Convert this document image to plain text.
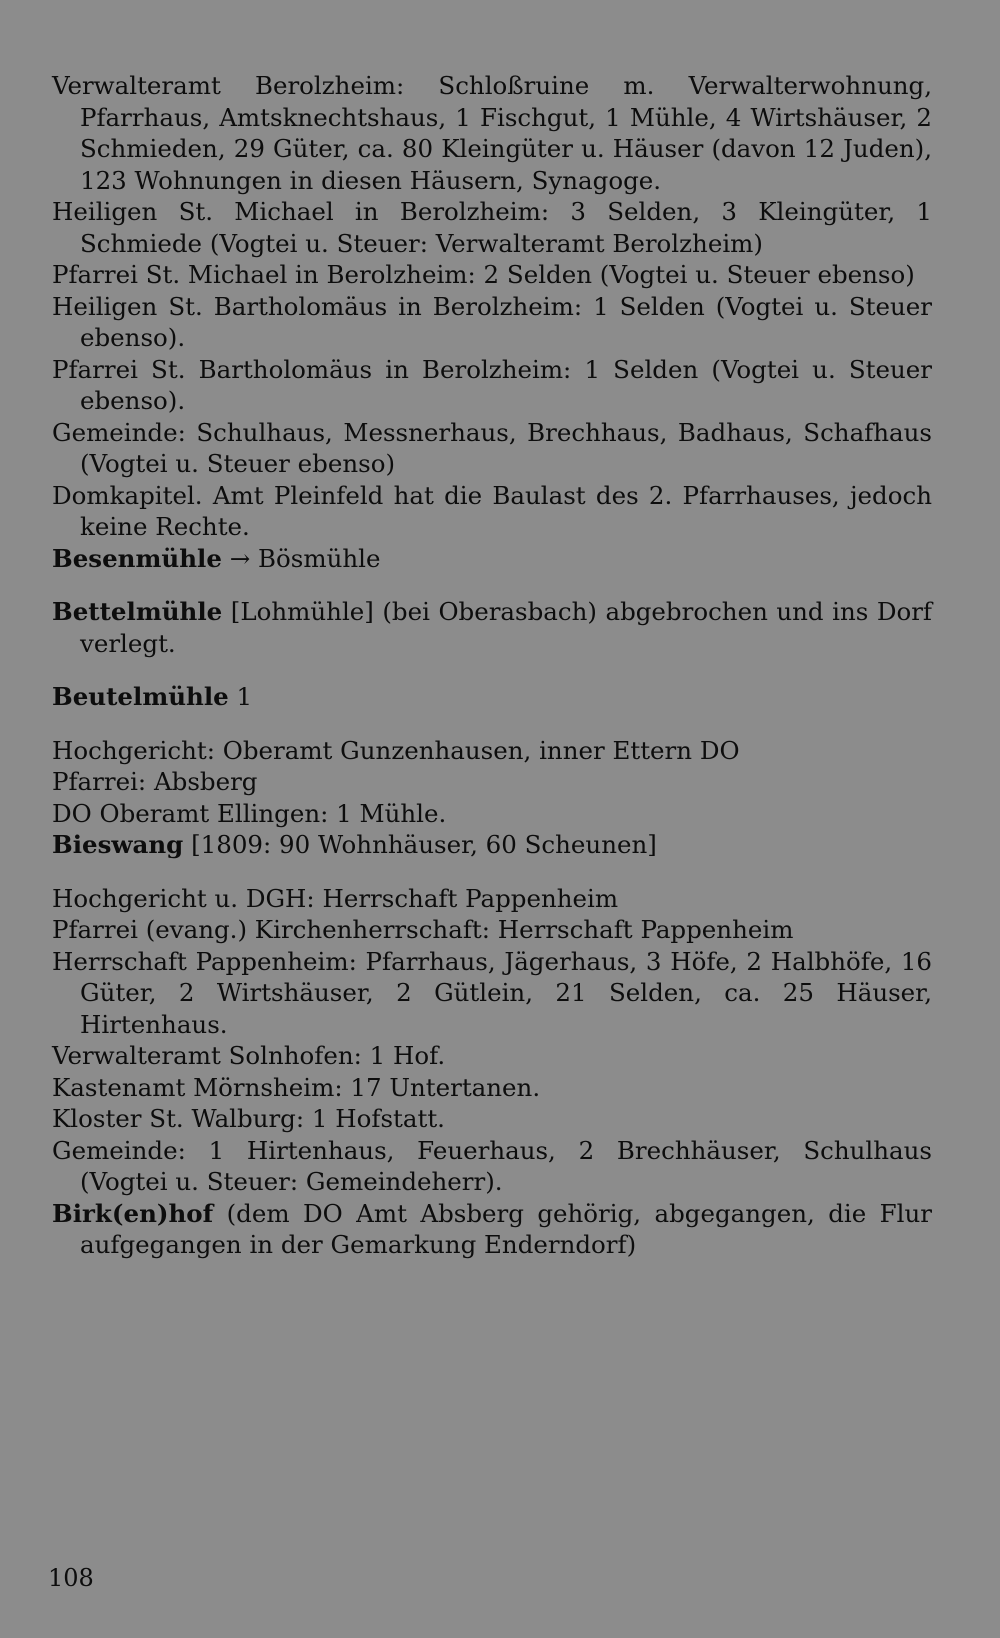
Verwalteramt Berolzheim: Schloßruine m. Verwalterwohnung, Pfarrhaus, Amtsknechtshaus, 1 Fischgut, 1 Mühle, 4 Wirtshäuser, 2 Schmieden, 29 Güter, ca. 80 Kleingüter u. Häuser (davon 12 Juden), 123 Wohnungen in diesen Häusern, Synagoge.
Heiligen St. Michael in Berolzheim: 3 Selden, 3 Kleingüter, 1 Schmiede (Vogtei u. Steuer: Verwalteramt Berolzheim)
Pfarrei St. Michael in Berolzheim: 2 Selden (Vogtei u. Steuer ebenso)
Heiligen St. Bartholomäus in Berolzheim: 1 Selden (Vogtei u. Steuer ebenso).
Pfarrei St. Bartholomäus in Berolzheim: 1 Selden (Vogtei u. Steuer ebenso).
Gemeinde: Schulhaus, Messnerhaus, Brechhaus, Badhaus, Schafhaus (Vogtei u. Steuer ebenso)
Domkapitel. Amt Pleinfeld hat die Baulast des 2. Pfarrhauses, jedoch keine Rechte.
Besenmühle → Bösmühle
Bettelmühle [Lohmühle] (bei Oberasbach) abgebrochen und ins Dorf verlegt.
Beutelmühle 1
Hochgericht: Oberamt Gunzenhausen, inner Ettern DO
Pfarrei: Absberg
DO Oberamt Ellingen: 1 Mühle.
Bieswang [1809: 90 Wohnhäuser, 60 Scheunen]
Hochgericht u. DGH: Herrschaft Pappenheim
Pfarrei (evang.) Kirchenherrschaft: Herrschaft Pappenheim
Herrschaft Pappenheim: Pfarrhaus, Jägerhaus, 3 Höfe, 2 Halbhöfe, 16 Güter, 2 Wirtshäuser, 2 Gütlein, 21 Selden, ca. 25 Häuser, Hirtenhaus.
Verwalteramt Solnhofen: 1 Hof.
Kastenamt Mörnsheim: 17 Untertanen.
Kloster St. Walburg: 1 Hofstatt.
Gemeinde: 1 Hirtenhaus, Feuerhaus, 2 Brechhäuser, Schulhaus (Vogtei u. Steuer: Gemeindeherr).
Birk(en)hof (dem DO Amt Absberg gehörig, abgegangen, die Flur aufgegangen in der Gemarkung Enderndorf)
108
